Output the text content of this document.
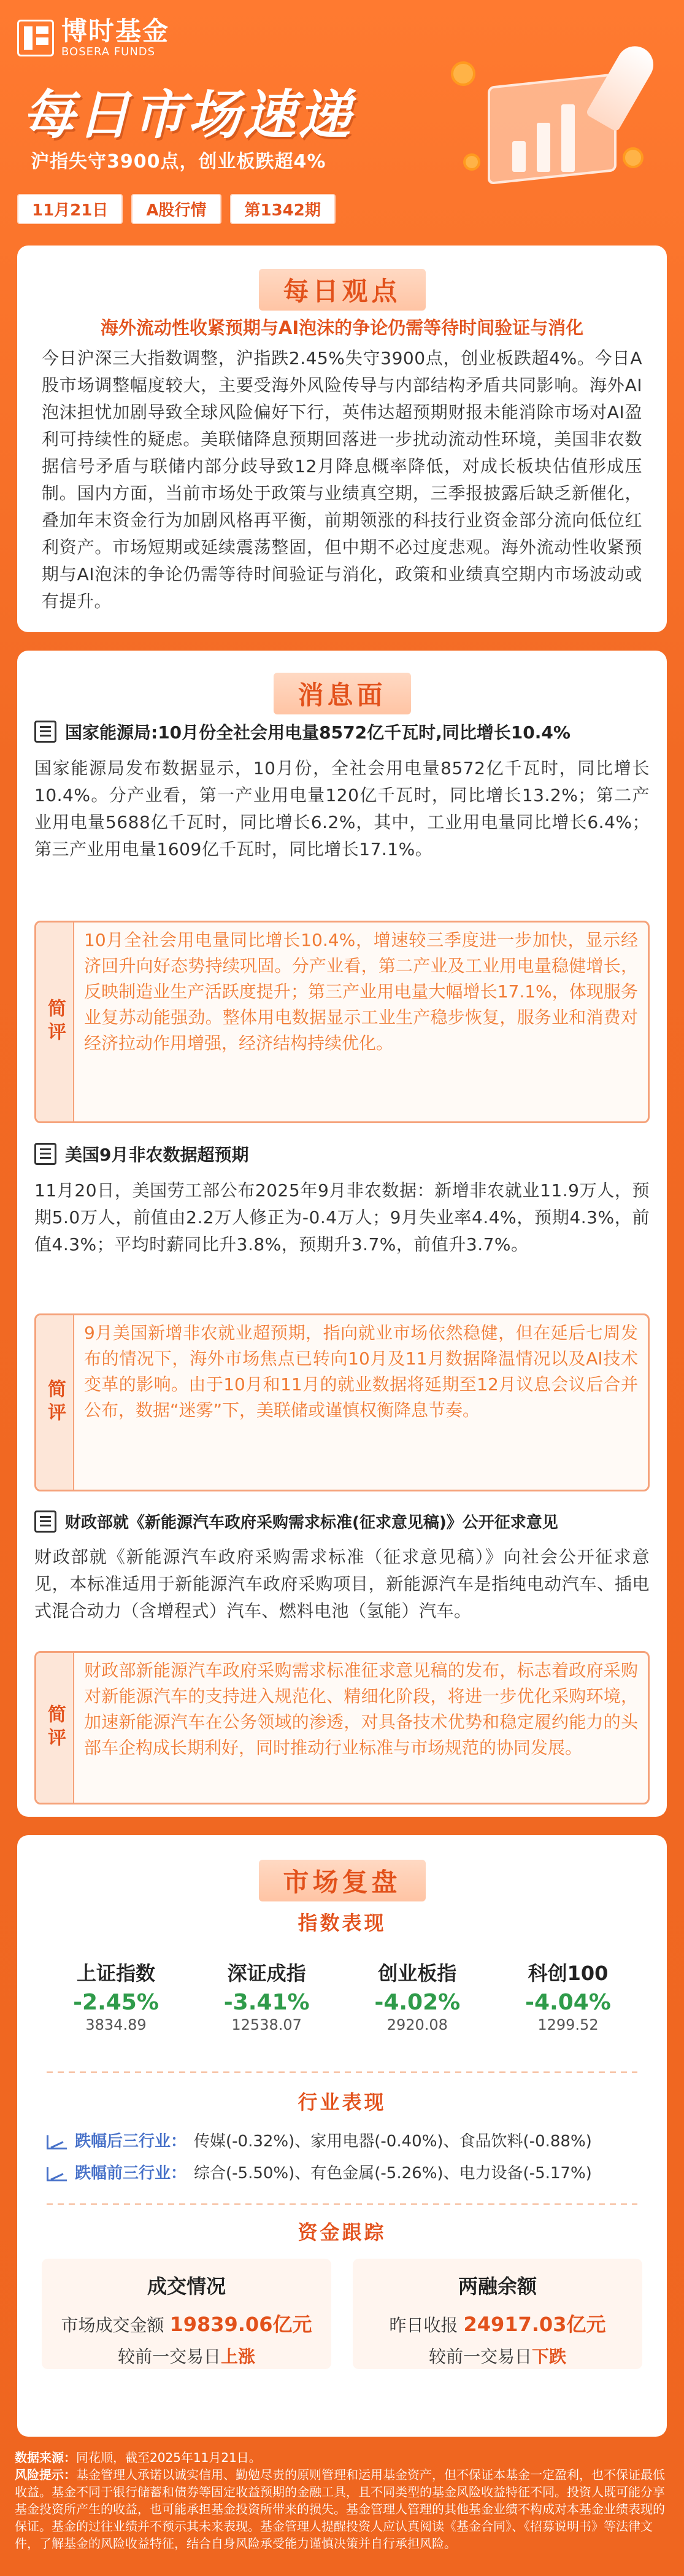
博时基金
BOSERA FUNDS
每日市场速递
沪指失守3900点，创业板跌超4%
11月21日	A股行情	第1342期
每日观点
海外流动性收紧预期与AI泡沫的争论仍需等待时间验证与消化
今日沪深三大指数调整，沪指跌2.45%失守3900点，创业板跌超4%。今日A股市场调整幅度较大，主要受海外风险传导与内部结构矛盾共同影响。海外AI泡沫担忧加剧导致全球风险偏好下行，英伟达超预期财报未能消除市场对AI盈利可持续性的疑虑。美联储降息预期回落进一步扰动流动性环境，美国非农数据信号矛盾与联储内部分歧导致12月降息概率降低，对成长板块估值形成压制。国内方面，当前市场处于政策与业绩真空期，三季报披露后缺乏新催化，叠加年末资金行为加剧风格再平衡，前期领涨的科技行业资金部分流向低位红利资产。市场短期或延续震荡整固，但中期不必过度悲观。海外流动性收紧预期与AI泡沫的争论仍需等待时间验证与消化，政策和业绩真空期内市场波动或有提升。
消息面
国家能源局:10月份全社会用电量8572亿千瓦时,同比增长10.4%
国家能源局发布数据显示，10月份，全社会用电量8572亿千瓦时，同比增长10.4%。分产业看，第一产业用电量120亿千瓦时，同比增长13.2%；第二产业用电量5688亿千瓦时，同比增长6.2%，其中，工业用电量同比增长6.4%；第三产业用电量1609亿千瓦时，同比增长17.1%。
简评
10月全社会用电量同比增长10.4%，增速较三季度进一步加快，显示经济回升向好态势持续巩固。分产业看，第二产业及工业用电量稳健增长，反映制造业生产活跃度提升；第三产业用电量大幅增长17.1%，体现服务业复苏动能强劲。整体用电数据显示工业生产稳步恢复，服务业和消费对经济拉动作用增强，经济结构持续优化。
美国9月非农数据超预期
11月20日，美国劳工部公布2025年9月非农数据：新增非农就业11.9万人，预期5.0万人，前值由2.2万人修正为-0.4万人；9月失业率4.4%，预期4.3%，前值4.3%；平均时薪同比升3.8%，预期升3.7%，前值升3.7%。
简评
9月美国新增非农就业超预期，指向就业市场依然稳健，但在延后七周发布的情况下，海外市场焦点已转向10月及11月数据降温情况以及AI技术变革的影响。由于10月和11月的就业数据将延期至12月议息会议后合并公布，数据“迷雾”下，美联储或谨慎权衡降息节奏。
财政部就《新能源汽车政府采购需求标准(征求意见稿)》公开征求意见
财政部就《新能源汽车政府采购需求标准（征求意见稿）》向社会公开征求意见，本标准适用于新能源汽车政府采购项目，新能源汽车是指纯电动汽车、插电式混合动力（含增程式）汽车、燃料电池（氢能）汽车。
简评
财政部新能源汽车政府采购需求标准征求意见稿的发布，标志着政府采购对新能源汽车的支持进入规范化、精细化阶段，将进一步优化采购环境，加速新能源汽车在公务领域的渗透，对具备技术优势和稳定履约能力的头部车企构成长期利好，同时推动行业标准与市场规范的协同发展。
市场复盘
指数表现
上证指数
-2.45%
3834.89
深证成指
-3.41%
12538.07
创业板指
-4.02%
2920.08
科创100
-4.04%
1299.52
行业表现
跌幅后三行业： 传媒(-0.32%)、家用电器(-0.40%)、食品饮料(-0.88%)
跌幅前三行业： 综合(-5.50%)、有色金属(-5.26%)、电力设备(-5.17%)
资金跟踪
成交情况
市场成交金额 19839.06亿元
较前一交易日上涨
两融余额
昨日收报 24917.03亿元
较前一交易日下跌
数据来源：同花顺，截至2025年11月21日。
风险提示：基金管理人承诺以诚实信用、勤勉尽责的原则管理和运用基金资产，但不保证本基金一定盈利，也不保证最低收益。基金不同于银行储蓄和债券等固定收益预期的金融工具，且不同类型的基金风险收益特征不同。投资人既可能分享基金投资所产生的收益，也可能承担基金投资所带来的损失。基金管理人管理的其他基金业绩不构成对本基金业绩表现的保证。基金的过往业绩并不预示其未来表现。基金管理人提醒投资人应认真阅读《基金合同》、《招募说明书》等法律文件，了解基金的风险收益特征，结合自身风险承受能力谨慎决策并自行承担风险。
